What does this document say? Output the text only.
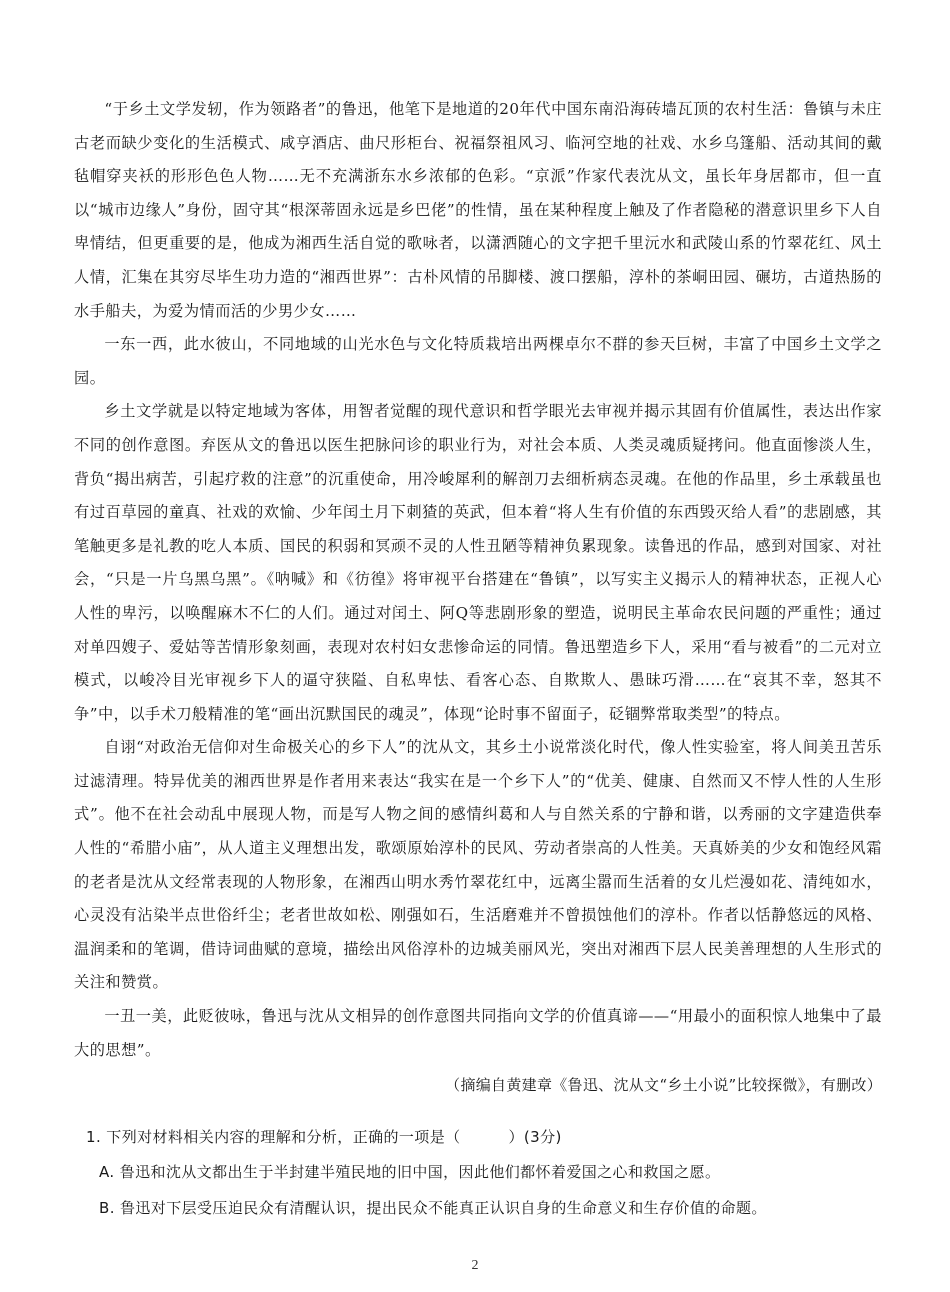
“于乡土文学发轫，作为领路者”的鲁迅，他笔下是地道的20年代中国东南沿海砖墙瓦顶的农村生活：鲁镇与未庄古老而缺少变化的生活模式、咸亨酒店、曲尺形柜台、祝福祭祖风习、临河空地的社戏、水乡乌篷船、活动其间的戴毡帽穿夹袄的形形色色人物……无不充满浙东水乡浓郁的色彩。“京派”作家代表沈从文，虽长年身居都市，但一直以“城市边缘人”身份，固守其“根深蒂固永远是乡巴佬”的性情，虽在某种程度上触及了作者隐秘的潜意识里乡下人自卑情结，但更重要的是，他成为湘西生活自觉的歌咏者，以潇洒随心的文字把千里沅水和武陵山系的竹翠花红、风土人情，汇集在其穷尽毕生功力造的“湘西世界”：古朴风情的吊脚楼、渡口摆船，淳朴的茶峒田园、碾坊，古道热肠的水手船夫，为爱为情而活的少男少女……

一东一西，此水彼山，不同地域的山光水色与文化特质栽培出两棵卓尔不群的参天巨树，丰富了中国乡土文学之园。

乡土文学就是以特定地域为客体，用智者觉醒的现代意识和哲学眼光去审视并揭示其固有价值属性，表达出作家不同的创作意图。弃医从文的鲁迅以医生把脉问诊的职业行为，对社会本质、人类灵魂质疑拷问。他直面惨淡人生，背负“揭出病苦，引起疗救的注意”的沉重使命，用冷峻犀利的解剖刀去细析病态灵魂。在他的作品里，乡土承载虽也有过百草园的童真、社戏的欢愉、少年闰土月下刺猹的英武，但本着“将人生有价值的东西毁灭给人看”的悲剧感，其笔触更多是礼教的吃人本质、国民的积弱和冥顽不灵的人性丑陋等精神负累现象。读鲁迅的作品，感到对国家、对社会，“只是一片乌黑乌黑”。《呐喊》和《彷徨》将审视平台搭建在“鲁镇”，以写实主义揭示人的精神状态，正视人心人性的卑污，以唤醒麻木不仁的人们。通过对闰土、阿Q等悲剧形象的塑造，说明民主革命农民问题的严重性；通过对单四嫂子、爱姑等苦情形象刻画，表现对农村妇女悲惨命运的同情。鲁迅塑造乡下人，采用“看与被看”的二元对立模式，以峻冷目光审视乡下人的逼守狭隘、自私卑怯、看客心态、自欺欺人、愚昧巧滑……在“哀其不幸，怒其不争”中，以手术刀般精准的笔“画出沉默国民的魂灵”，体现“论时事不留面子，砭锢弊常取类型”的特点。

自诩“对政治无信仰对生命极关心的乡下人”的沈从文，其乡土小说常淡化时代，像人性实验室，将人间美丑苦乐过滤清理。特异优美的湘西世界是作者用来表达“我实在是一个乡下人”的“优美、健康、自然而又不悖人性的人生形式”。他不在社会动乱中展现人物，而是写人物之间的感情纠葛和人与自然关系的宁静和谐，以秀丽的文字建造供奉人性的“希腊小庙”，从人道主义理想出发，歌颂原始淳朴的民风、劳动者崇高的人性美。天真娇美的少女和饱经风霜的老者是沈从文经常表现的人物形象，在湘西山明水秀竹翠花红中，远离尘嚣而生活着的女儿烂漫如花、清纯如水，心灵没有沾染半点世俗纤尘；老者世故如松、刚强如石，生活磨难并不曾损蚀他们的淳朴。作者以恬静悠远的风格、温润柔和的笔调，借诗词曲赋的意境，描绘出风俗淳朴的边城美丽风光，突出对湘西下层人民美善理想的人生形式的关注和赞赏。

一丑一美，此贬彼咏，鲁迅与沈从文相异的创作意图共同指向文学的价值真谛——“用最小的面积惊人地集中了最大的思想”。

（摘编自黄建章《鲁迅、沈从文“乡土小说”比较探微》，有删改）

1. 下列对材料相关内容的理解和分析，正确的一项是（	）(3分)

A. 鲁迅和沈从文都出生于半封建半殖民地的旧中国，因此他们都怀着爱国之心和救国之愿。

B. 鲁迅对下层受压迫民众有清醒认识，提出民众不能真正认识自身的生命意义和生存价值的命题。

2
